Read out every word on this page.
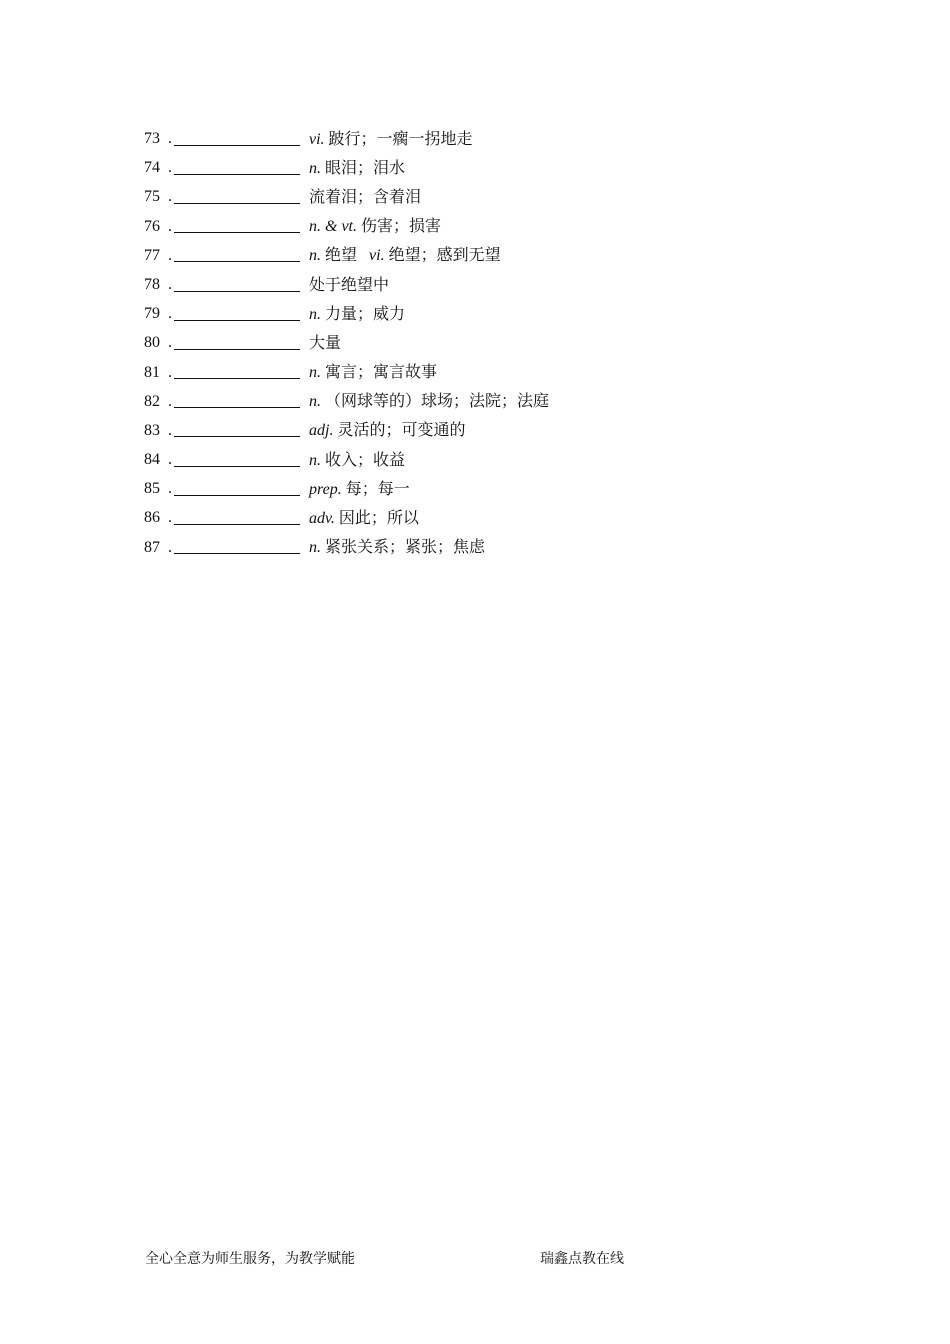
73 .	vi. 跛行；一瘸一拐地走
74 .	n. 眼泪；泪水
75 .	流着泪；含着泪
76 .	n. & vt. 伤害；损害
77 .	n. 绝望 vi. 绝望；感到无望
78 .	处于绝望中
79 .	n. 力量；威力
80 .	大量
81 .	n. 寓言；寓言故事
82 .	n. （网球等的）球场；法院；法庭
83 .	adj. 灵活的；可变通的
84 .	n. 收入；收益
85 .	prep. 每；每一
86 .	adv. 因此；所以
87 .	n. 紧张关系；紧张；焦虑
全心全意为师生服务，为教学赋能	瑞鑫点教在线
